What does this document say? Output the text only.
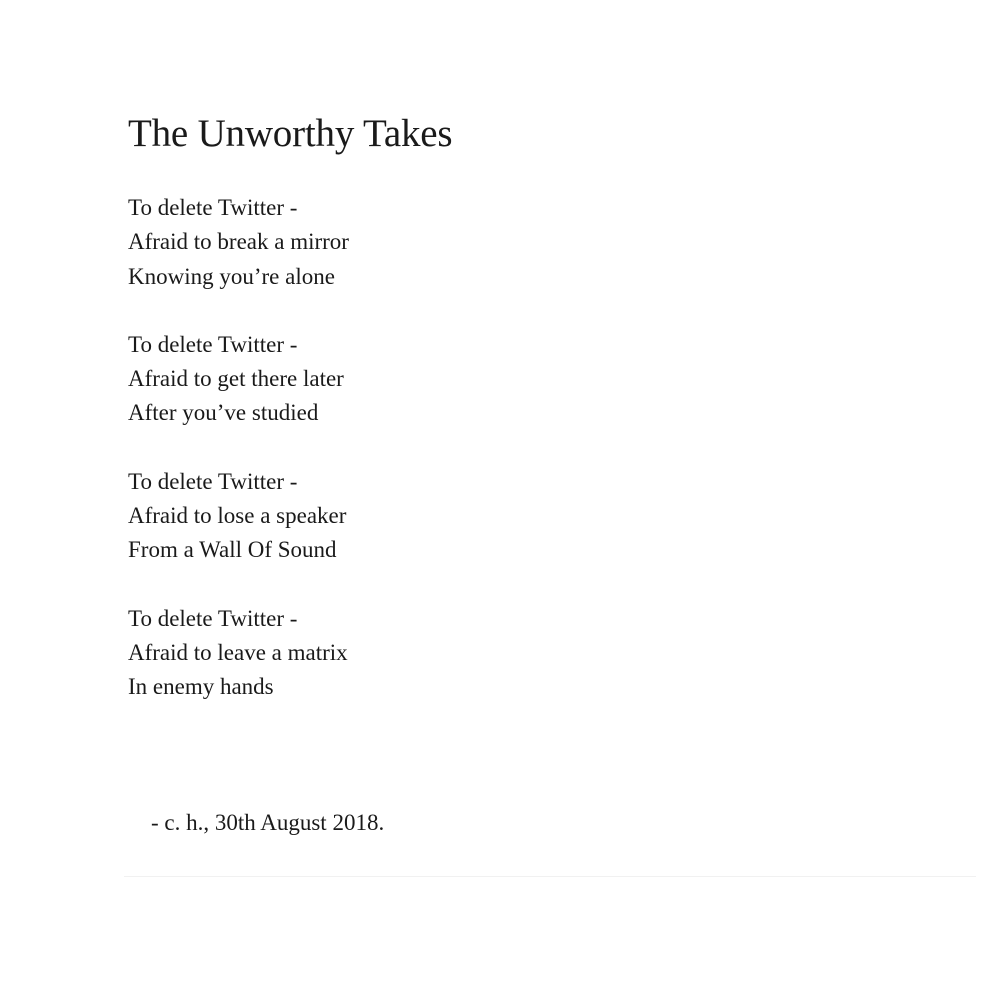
The Unworthy Takes
To delete Twitter -
Afraid to break a mirror
Knowing you’re alone
To delete Twitter -
Afraid to get there later
After you’ve studied
To delete Twitter -
Afraid to lose a speaker
From a Wall Of Sound
To delete Twitter -
Afraid to leave a matrix
In enemy hands
- c. h., 30th August 2018.
